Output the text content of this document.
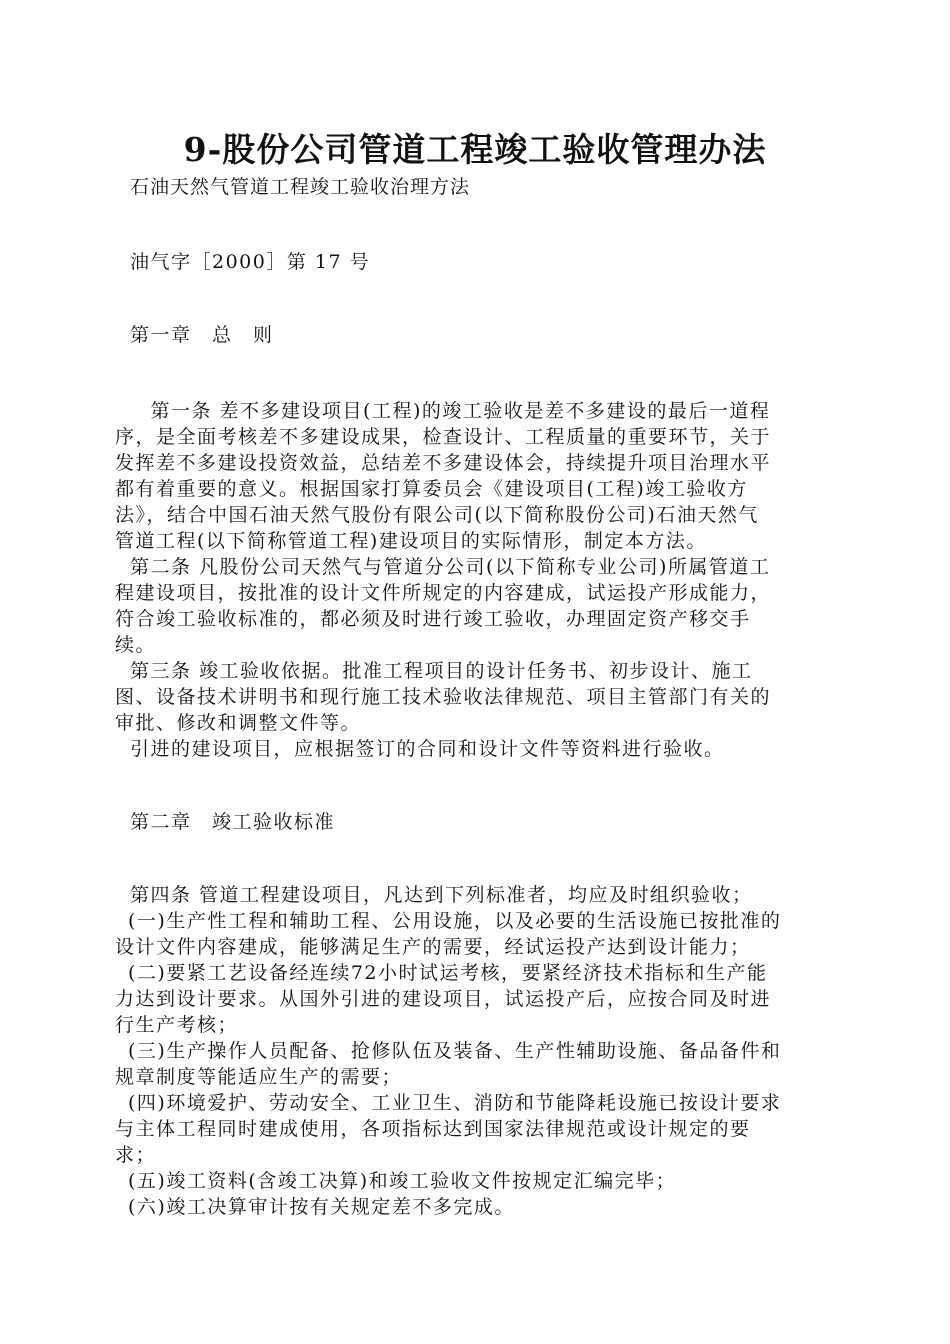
9-股份公司管道工程竣工验收管理办法
石油天然气管道工程竣工验收治理方法
油气字［2000］第 17 号
第一章　总　则
　第一条 差不多建设项目(工程)的竣工验收是差不多建设的最后一道程
序，是全面考核差不多建设成果，检查设计、工程质量的重要环节，关于
发挥差不多建设投资效益，总结差不多建设体会，持续提升项目治理水平
都有着重要的意义。根据国家打算委员会《建设项目(工程)竣工验收方
法》，结合中国石油天然气股份有限公司(以下简称股份公司)石油天然气
管道工程(以下简称管道工程)建设项目的实际情形，制定本方法。
第二条 凡股份公司天然气与管道分公司(以下简称专业公司)所属管道工
程建设项目，按批准的设计文件所规定的内容建成，试运投产形成能力，
符合竣工验收标准的，都必须及时进行竣工验收，办理固定资产移交手
续。
第三条 竣工验收依据。批准工程项目的设计任务书、初步设计、施工
图、设备技术讲明书和现行施工技术验收法律规范、项目主管部门有关的
审批、修改和调整文件等。
引进的建设项目，应根据签订的合同和设计文件等资料进行验收。
第二章　竣工验收标准
第四条 管道工程建设项目，凡达到下列标准者，均应及时组织验收；
(一)生产性工程和辅助工程、公用设施，以及必要的生活设施已按批准的
设计文件内容建成，能够满足生产的需要，经试运投产达到设计能力；
(二)要紧工艺设备经连续72小时试运考核，要紧经济技术指标和生产能
力达到设计要求。从国外引进的建设项目，试运投产后，应按合同及时进
行生产考核；
(三)生产操作人员配备、抢修队伍及装备、生产性辅助设施、备品备件和
规章制度等能适应生产的需要；
(四)环境爱护、劳动安全、工业卫生、消防和节能降耗设施已按设计要求
与主体工程同时建成使用，各项指标达到国家法律规范或设计规定的要
求；
(五)竣工资料(含竣工决算)和竣工验收文件按规定汇编完毕；
(六)竣工决算审计按有关规定差不多完成。
